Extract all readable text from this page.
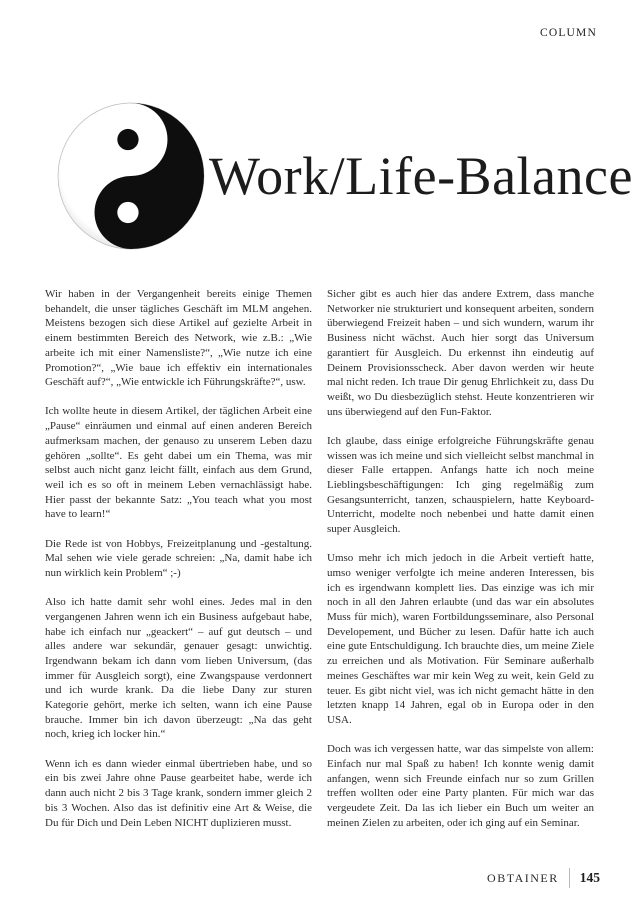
COLUMN
Work/Life-Balance

Wir haben in der Vergangenheit bereits einige Themen behandelt, die unser tägliches Geschäft im MLM angehen. Meistens bezogen sich diese Artikel auf gezielte Arbeit in einem bestimmten Bereich des Network, wie z.B.: „Wie arbeite ich mit einer Namensliste?“, „Wie nutze ich eine Promotion?“, „Wie baue ich effektiv ein internationales Geschäft auf?“, „Wie entwickle ich Führungskräfte?“, usw.

Ich wollte heute in diesem Artikel, der täglichen Arbeit eine „Pause“ einräumen und einmal auf einen anderen Bereich aufmerksam machen, der genauso zu unserem Leben dazu gehören „sollte“. Es geht dabei um ein Thema, was mir selbst auch nicht ganz leicht fällt, einfach aus dem Grund, weil ich es so oft in meinem Leben vernachlässigt habe. Hier passt der bekannte Satz: „You teach what you most have to learn!“

Die Rede ist von Hobbys, Freizeitplanung und -gestaltung. Mal sehen wie viele gerade schreien: „Na, damit habe ich nun wirklich kein Problem“ ;-)

Also ich hatte damit sehr wohl eines. Jedes mal in den vergangenen Jahren wenn ich ein Business aufgebaut habe, habe ich einfach nur „geackert“ – auf gut deutsch – und alles andere war sekundär, genauer gesagt: unwichtig. Irgendwann bekam ich dann vom lieben Universum, (das immer für Ausgleich sorgt), eine Zwangspause verdonnert und ich wurde krank. Da die liebe Dany zur sturen Kategorie gehört, merke ich selten, wann ich eine Pause brauche. Immer bin ich davon überzeugt: „Na das geht noch, krieg ich locker hin.“

Wenn ich es dann wieder einmal übertrieben habe, und so ein bis zwei Jahre ohne Pause gearbeitet habe, werde ich dann auch nicht 2 bis 3 Tage krank, sondern immer gleich 2 bis 3 Wochen. Also das ist definitiv eine Art & Weise, die Du für Dich und Dein Leben NICHT duplizieren musst.

Sicher gibt es auch hier das andere Extrem, dass manche Networker nie strukturiert und konsequent arbeiten, sondern überwiegend Freizeit haben – und sich wundern, warum ihr Business nicht wächst. Auch hier sorgt das Universum garantiert für Ausgleich. Du erkennst ihn eindeutig auf Deinem Provisionsscheck. Aber davon werden wir heute mal nicht reden. Ich traue Dir genug Ehrlichkeit zu, dass Du weißt, wo Du diesbezüglich stehst. Heute konzentrieren wir uns überwiegend auf den Fun-Faktor.

Ich glaube, dass einige erfolgreiche Führungskräfte genau wissen was ich meine und sich vielleicht selbst manchmal in dieser Falle ertappen. Anfangs hatte ich noch meine Lieblingsbeschäftigungen: Ich ging regelmäßig zum Gesangsunterricht, tanzen, schauspielern, hatte Keyboard-Unterricht, modelte noch nebenbei und hatte damit einen super Ausgleich.

Umso mehr ich mich jedoch in die Arbeit vertieft hatte, umso weniger verfolgte ich meine anderen Interessen, bis ich es irgendwann komplett lies. Das einzige was ich mir noch in all den Jahren erlaubte (und das war ein absolutes Muss für mich), waren Fortbildungsseminare, also Personal Developement, und Bücher zu lesen. Dafür hatte ich auch eine gute Entschuldigung. Ich brauchte dies, um meine Ziele zu erreichen und als Motivation. Für Seminare außerhalb meines Geschäftes war mir kein Weg zu weit, kein Geld zu teuer. Es gibt nicht viel, was ich nicht gemacht hätte in den letzten knapp 14 Jahren, egal ob in Europa oder in den USA.

Doch was ich vergessen hatte, war das simpelste von allem: Einfach nur mal Spaß zu haben! Ich konnte wenig damit anfangen, wenn sich Freunde einfach nur so zum Grillen treffen wollten oder eine Party planten. Für mich war das vergeudete Zeit. Da las ich lieber ein Buch um weiter an meinen Zielen zu arbeiten, oder ich ging auf ein Seminar.

OBTAINER 145
